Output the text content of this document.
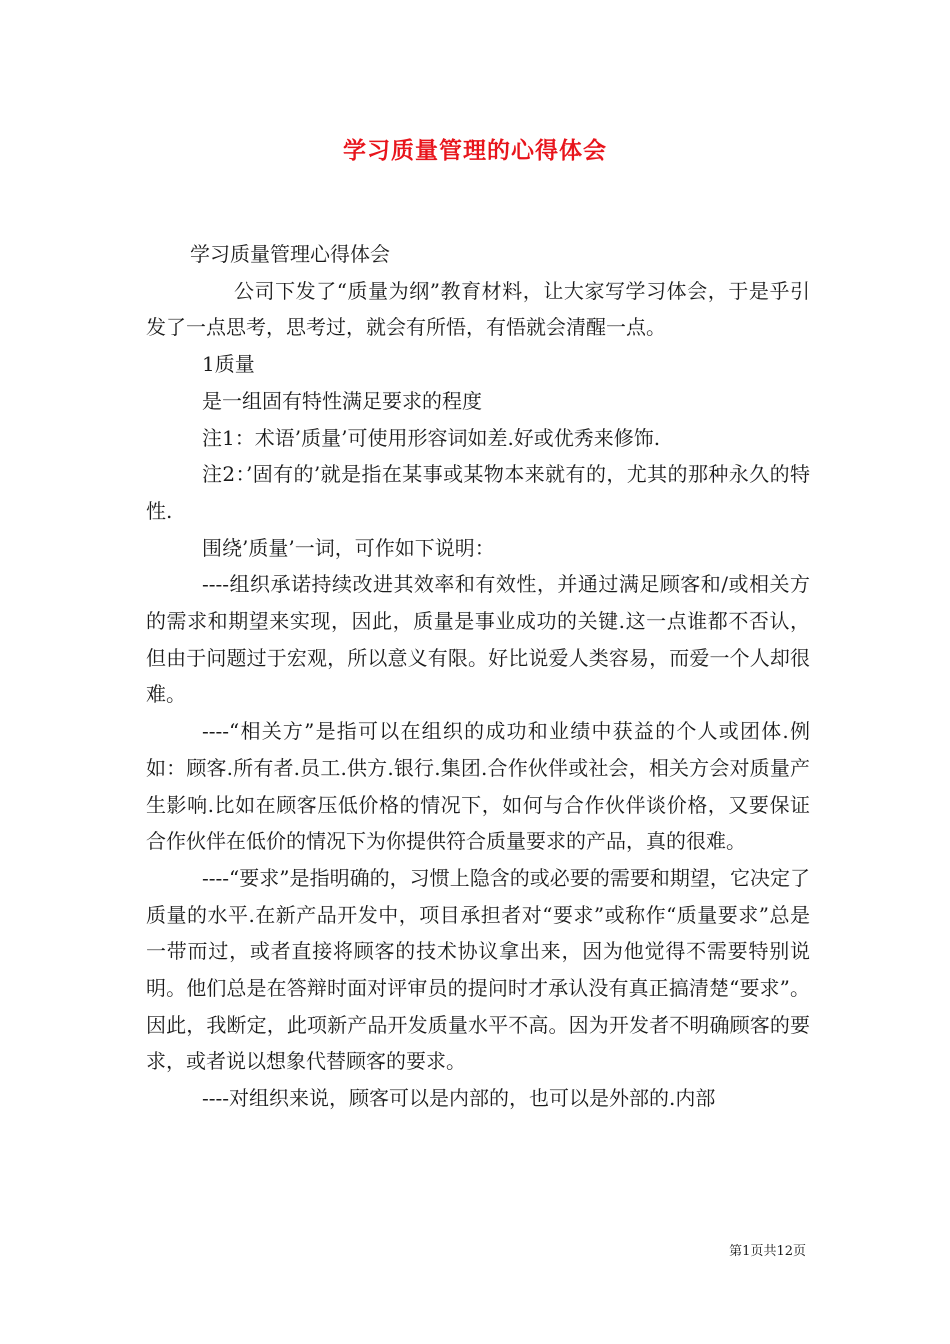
学习质量管理的心得体会

学习质量管理心得体会

公司下发了“质量为纲”教育材料，让大家写学习体会，于是乎引发了一点思考，思考过，就会有所悟，有悟就会清醒一点。

1质量

是一组固有特性满足要求的程度

注1：术语’质量’可使用形容词如差.好或优秀来修饰.

注2：’固有的’就是指在某事或某物本来就有的，尤其的那种永久的特性.

围绕’质量’一词，可作如下说明：

----组织承诺持续改进其效率和有效性，并通过满足顾客和/或相关方的需求和期望来实现，因此，质量是事业成功的关键.这一点谁都不否认，但由于问题过于宏观，所以意义有限。好比说爱人类容易，而爱一个人却很难。

----“相关方”是指可以在组织的成功和业绩中获益的个人或团体.例如：顾客.所有者.员工.供方.银行.集团.合作伙伴或社会，相关方会对质量产生影响.比如在顾客压低价格的情况下，如何与合作伙伴谈价格，又要保证合作伙伴在低价的情况下为你提供符合质量要求的产品，真的很难。

----“要求”是指明确的，习惯上隐含的或必要的需要和期望，它决定了质量的水平.在新产品开发中，项目承担者对“要求”或称作“质量要求”总是一带而过，或者直接将顾客的技术协议拿出来，因为他觉得不需要特别说明。他们总是在答辩时面对评审员的提问时才承认没有真正搞清楚“要求”。因此，我断定，此项新产品开发质量水平不高。因为开发者不明确顾客的要求，或者说以想象代替顾客的要求。

----对组织来说，顾客可以是内部的，也可以是外部的.内部

第1页共12页
